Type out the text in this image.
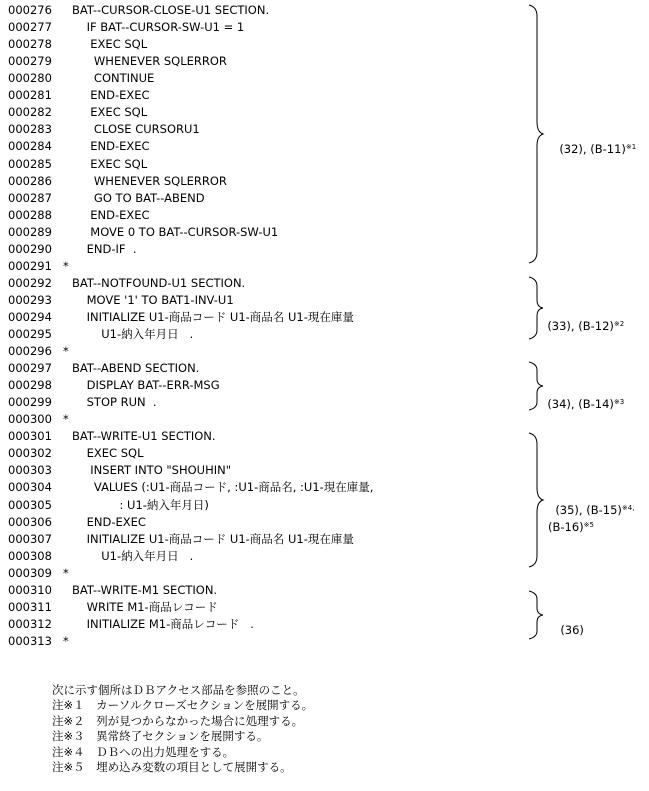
000276 BAT--CURSOR-CLOSE-U1 SECTION.
000277 IF BAT--CURSOR-SW-U1 = 1
000278 EXEC SQL
000279 WHENEVER SQLERROR
000280 CONTINUE
000281 END-EXEC
000282 EXEC SQL
000283 CLOSE CURSORU1
000284 END-EXEC
000285 EXEC SQL
000286 WHENEVER SQLERROR
000287 GO TO BAT--ABEND
000288 END-EXEC
000289 MOVE 0 TO BAT--CURSOR-SW-U1
000290 END-IF  .
000291 *
000292 BAT--NOTFOUND-U1 SECTION.
000293 MOVE '1' TO BAT1-INV-U1
000294 INITIALIZE U1-商品コード U1-商品名 U1-現在庫量
000295 U1-納入年月日   .
000296 *
000297 BAT--ABEND SECTION.
000298 DISPLAY BAT--ERR-MSG
000299 STOP RUN  .
000300 *
000301 BAT--WRITE-U1 SECTION.
000302 EXEC SQL
000303 INSERT INTO "SHOUHIN"
000304 VALUES (:U1-商品コード, :U1-商品名, :U1-現在庫量,
000305 : U1-納入年月日)
000306 END-EXEC
000307 INITIALIZE U1-商品コード U1-商品名 U1-現在庫量
000308 U1-納入年月日   .
000309 *
000310 BAT--WRITE-M1 SECTION.
000311 WRITE M1-商品レコード
000312 INITIALIZE M1-商品レコード   .
000313 *

(32), $(B-11)^{※1}$

(33), $(B-12)^{※2}$

(34), $(B-14)^{※3}$

(35), $(B-15)^{※4,}$
$(B-16)^{※5}$

(36)

次に示す個所はＤＢアクセス部品を参照のこと。
注※１　カーソルクローズセクションを展開する。
注※２　列が見つからなかった場合に処理する。
注※３　異常終了セクションを展開する。
注※４　ＤＢへの出力処理をする。
注※５　埋め込み変数の項目として展開する。
